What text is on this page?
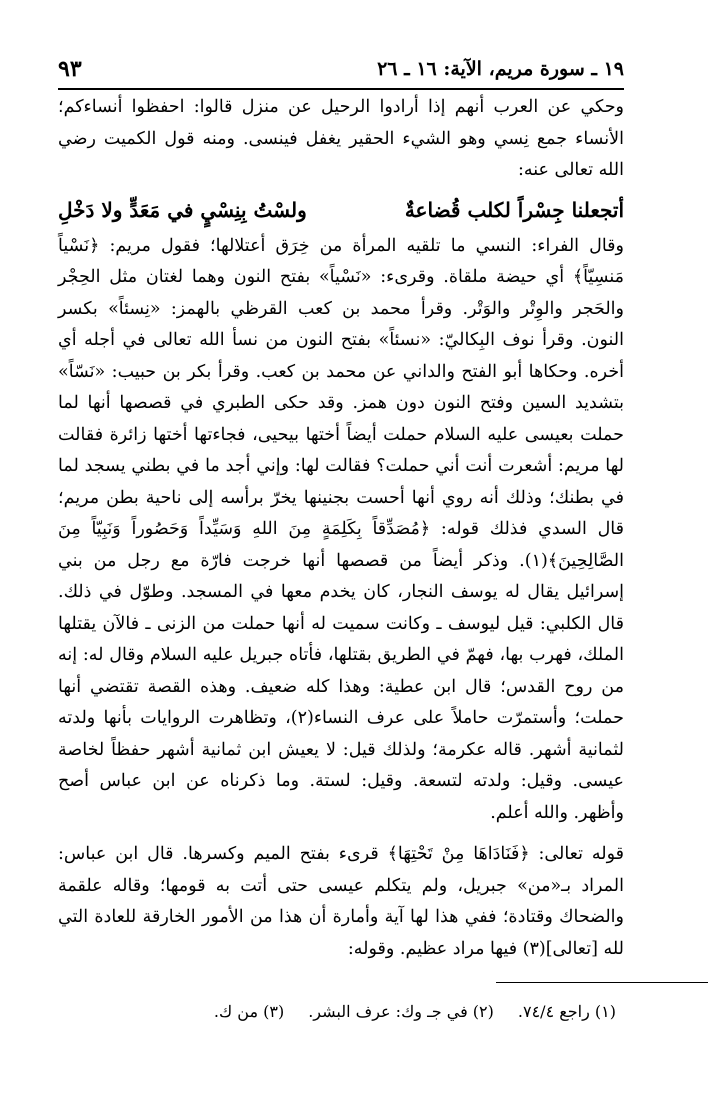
١٩ ـ سورة مريم، الآية: ١٦ ـ ٢٦
٩٣

وحكي عن العرب أنهم إذا أرادوا الرحيل عن منزل قالوا: احفظوا أنساءكم؛ الأنساء جمع نِسي وهو الشيء الحقير يغفل فينسى. ومنه قول الكميت رضي الله تعالى عنه:

أتجعلنا جِسْراً لكلب قُضاعةٌ
ولسْتُ بِنِسْيٍ في مَعَدٍّ ولا دَخْلِ

وقال الفراء: النسي ما تلقيه المرأة من خِرَق أعتلالها؛ فقول مريم: ﴿نَسْياً مَنسِيّاً﴾ أي حيضة ملقاة. وقرىء: «نَسْياً» بفتح النون وهما لغتان مثل الحِجْر والحَجر والوِتْر والوَتْر. وقرأ محمد بن كعب القرظي بالهمز: «نِسئاً» بكسر النون. وقرأ نوف البِكاليّ: «نسئاً» بفتح النون من نسأ الله تعالى في أجله أي أخره. وحكاها أبو الفتح والداني عن محمد بن كعب. وقرأ بكر بن حبيب: «نَسّاً» بتشديد السين وفتح النون دون همز. وقد حكى الطبري في قصصها أنها لما حملت بعيسى عليه السلام حملت أيضاً أختها بيحيى، فجاءتها أختها زائرة فقالت لها مريم: أشعرت أنت أني حملت؟ فقالت لها: وإني أجد ما في بطني يسجد لما في بطنك؛ وذلك أنه روي أنها أحست بجنينها يخرّ برأسه إلى ناحية بطن مريم؛ قال السدي فذلك قوله: ﴿مُصَدِّقاً بِكَلِمَةٍ مِنَ اللهِ وَسَيِّداً وَحَصُوراً وَنَبِيّاً مِنَ الصَّالِحِينَ﴾(١). وذكر أيضاً من قصصها أنها خرجت فارّة مع رجل من بني إسرائيل يقال له يوسف النجار، كان يخدم معها في المسجد. وطوّل في ذلك. قال الكلبي: قيل ليوسف ـ وكانت سميت له أنها حملت من الزنى ـ فالآن يقتلها الملك، فهرب بها، فهمّ في الطريق بقتلها، فأتاه جبريل عليه السلام وقال له: إنه من روح القدس؛ قال ابن عطية: وهذا كله ضعيف. وهذه القصة تقتضي أنها حملت؛ وأستمرّت حاملاً على عرف النساء(٢)، وتظاهرت الروايات بأنها ولدته لثمانية أشهر. قاله عكرمة؛ ولذلك قيل: لا يعيش ابن ثمانية أشهر حفظاً لخاصة عيسى. وقيل: ولدته لتسعة. وقيل: لستة. وما ذكرناه عن ابن عباس أصح وأظهر. والله أعلم.

قوله تعالى: ﴿فَنَادَاهَا مِنْ تَحْتِهَا﴾ قرىء بفتح الميم وكسرها. قال ابن عباس: المراد بـ«من» جبريل، ولم يتكلم عيسى حتى أتت به قومها؛ وقاله علقمة والضحاك وقتادة؛ ففي هذا لها آية وأمارة أن هذا من الأمور الخارقة للعادة التي لله [تعالى](٣) فيها مراد عظيم. وقوله:

(١) راجع ٧٤/٤.
(٢) في جـ وك: عرف البشر.
(٣) من ك.
